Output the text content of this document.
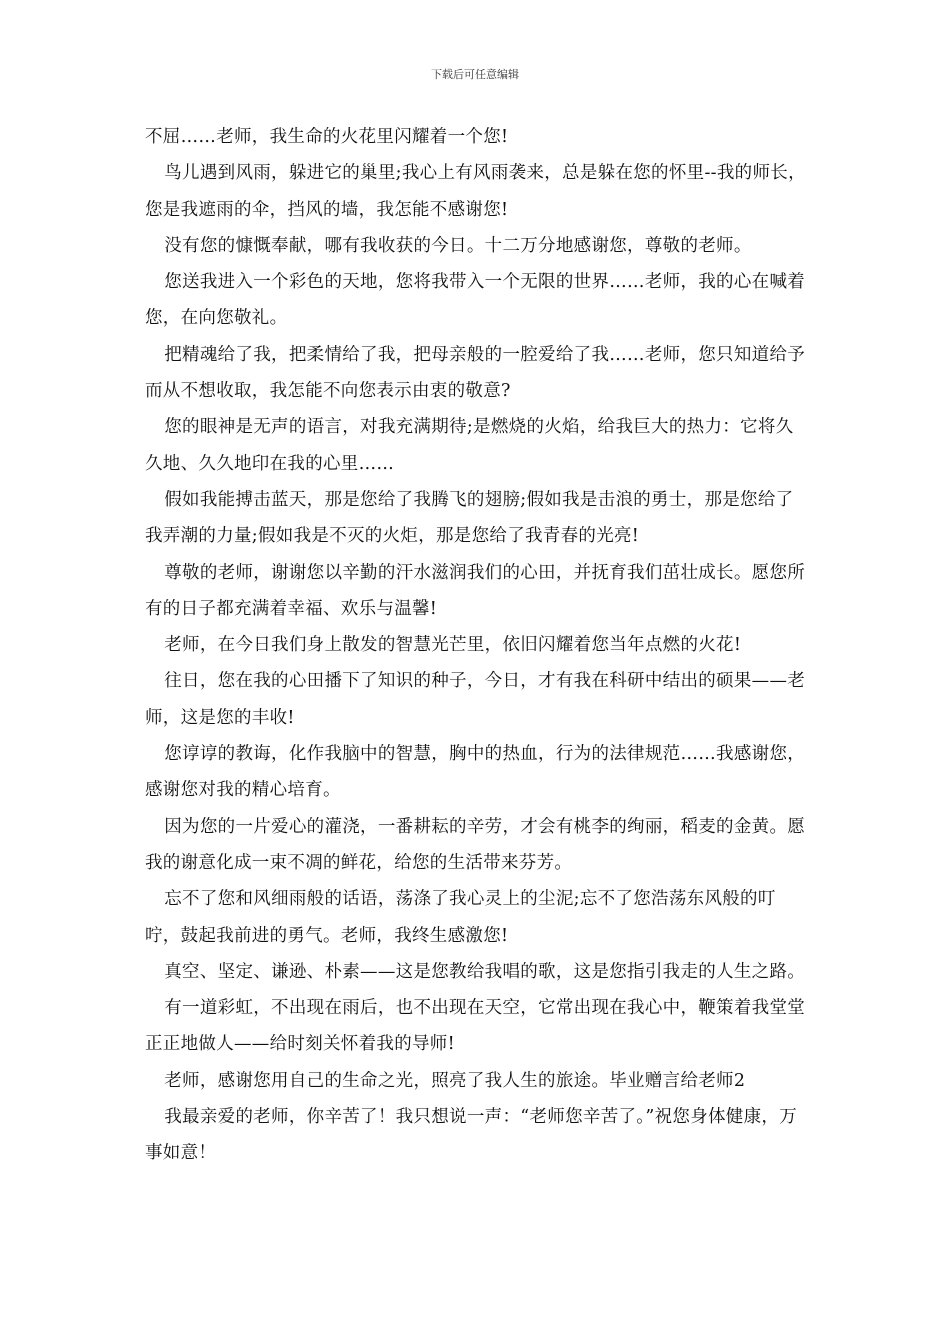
下载后可任意编辑

不屈……老师，我生命的火花里闪耀着一个您!

鸟儿遇到风雨，躲进它的巢里;我心上有风雨袭来，总是躲在您的怀里--我的师长，您是我遮雨的伞，挡风的墙，我怎能不感谢您!

没有您的慷慨奉献，哪有我收获的今日。十二万分地感谢您，尊敬的老师。

您送我进入一个彩色的天地，您将我带入一个无限的世界……老师，我的心在喊着您，在向您敬礼。

把精魂给了我，把柔情给了我，把母亲般的一腔爱给了我……老师，您只知道给予而从不想收取，我怎能不向您表示由衷的敬意?

您的眼神是无声的语言，对我充满期待;是燃烧的火焰，给我巨大的热力：它将久久地、久久地印在我的心里……

假如我能搏击蓝天，那是您给了我腾飞的翅膀;假如我是击浪的勇士，那是您给了我弄潮的力量;假如我是不灭的火炬，那是您给了我青春的光亮!

尊敬的老师，谢谢您以辛勤的汗水滋润我们的心田，并抚育我们茁壮成长。愿您所有的日子都充满着幸福、欢乐与温馨!

老师，在今日我们身上散发的智慧光芒里，依旧闪耀着您当年点燃的火花!

往日，您在我的心田播下了知识的种子，今日，才有我在科研中结出的硕果——老师，这是您的丰收!

您谆谆的教诲，化作我脑中的智慧，胸中的热血，行为的法律规范……我感谢您，感谢您对我的精心培育。

因为您的一片爱心的灌浇，一番耕耘的辛劳，才会有桃李的绚丽，稻麦的金黄。愿我的谢意化成一束不凋的鲜花，给您的生活带来芬芳。

忘不了您和风细雨般的话语，荡涤了我心灵上的尘泥;忘不了您浩荡东风般的叮咛，鼓起我前进的勇气。老师，我终生感激您!

真空、坚定、谦逊、朴素——这是您教给我唱的歌，这是您指引我走的人生之路。

有一道彩虹，不出现在雨后，也不出现在天空，它常出现在我心中，鞭策着我堂堂正正地做人——给时刻关怀着我的导师!

老师，感谢您用自己的生命之光，照亮了我人生的旅途。毕业赠言给老师2

我最亲爱的老师，你辛苦了！我只想说一声：“老师您辛苦了。”祝您身体健康，万事如意！
